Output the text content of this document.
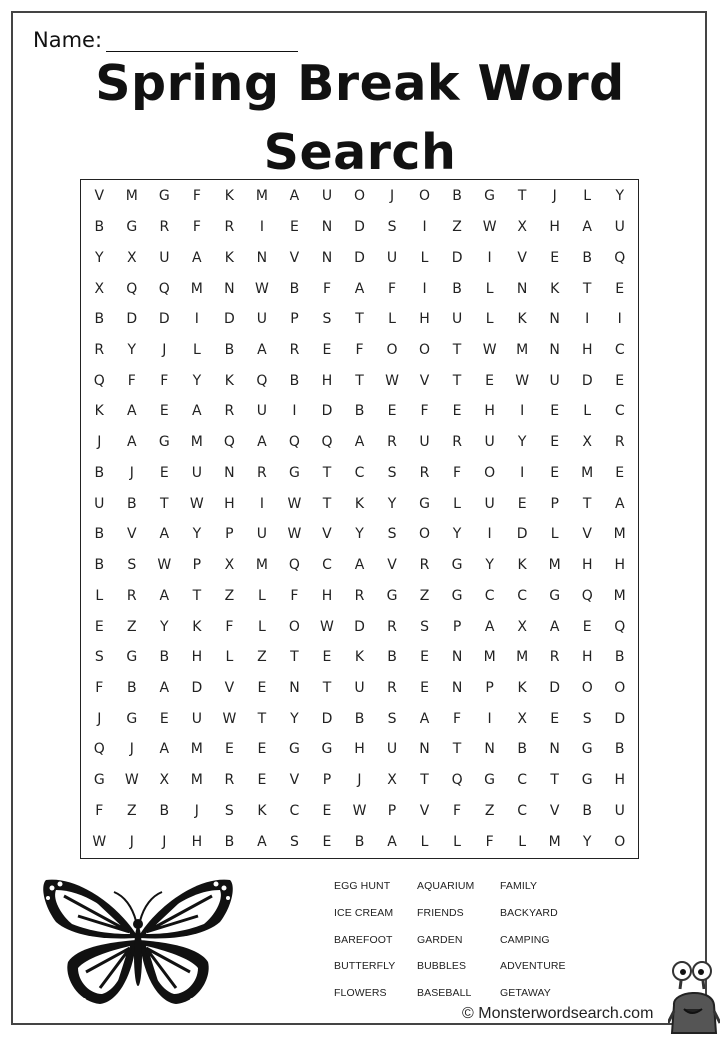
Name:
Spring Break Word
Search
V	M	G	F	K	M	A	U	O	J	O	B	G	T	J	L	Y
B	G	R	F	R	I	E	N	D	S	I	Z	W	X	H	A	U
Y	X	U	A	K	N	V	N	D	U	L	D	I	V	E	B	Q
X	Q	Q	M	N	W	B	F	A	F	I	B	L	N	K	T	E
B	D	D	I	D	U	P	S	T	L	H	U	L	K	N	I	I
R	Y	J	L	B	A	R	E	F	O	O	T	W	M	N	H	C
Q	F	F	Y	K	Q	B	H	T	W	V	T	E	W	U	D	E
K	A	E	A	R	U	I	D	B	E	F	E	H	I	E	L	C
J	A	G	M	Q	A	Q	Q	A	R	U	R	U	Y	E	X	R
B	J	E	U	N	R	G	T	C	S	R	F	O	I	E	M	E
U	B	T	W	H	I	W	T	K	Y	G	L	U	E	P	T	A
B	V	A	Y	P	U	W	V	Y	S	O	Y	I	D	L	V	M
B	S	W	P	X	M	Q	C	A	V	R	G	Y	K	M	H	H
L	R	A	T	Z	L	F	H	R	G	Z	G	C	C	G	Q	M
E	Z	Y	K	F	L	O	W	D	R	S	P	A	X	A	E	Q
S	G	B	H	L	Z	T	E	K	B	E	N	M	M	R	H	B
F	B	A	D	V	E	N	T	U	R	E	N	P	K	D	O	O
J	G	E	U	W	T	Y	D	B	S	A	F	I	X	E	S	D
Q	J	A	M	E	E	G	G	H	U	N	T	N	B	N	G	B
G	W	X	M	R	E	V	P	J	X	T	Q	G	C	T	G	H
F	Z	B	J	S	K	C	E	W	P	V	F	Z	C	V	B	U
W	J	J	H	B	A	S	E	B	A	L	L	F	L	M	Y	O
EGG HUNT	AQUARIUM	FAMILY
ICE CREAM	FRIENDS	BACKYARD
BAREFOOT	GARDEN	CAMPING
BUTTERFLY	BUBBLES	ADVENTURE
FLOWERS	BASEBALL	GETAWAY
© Monsterwordsearch.com
